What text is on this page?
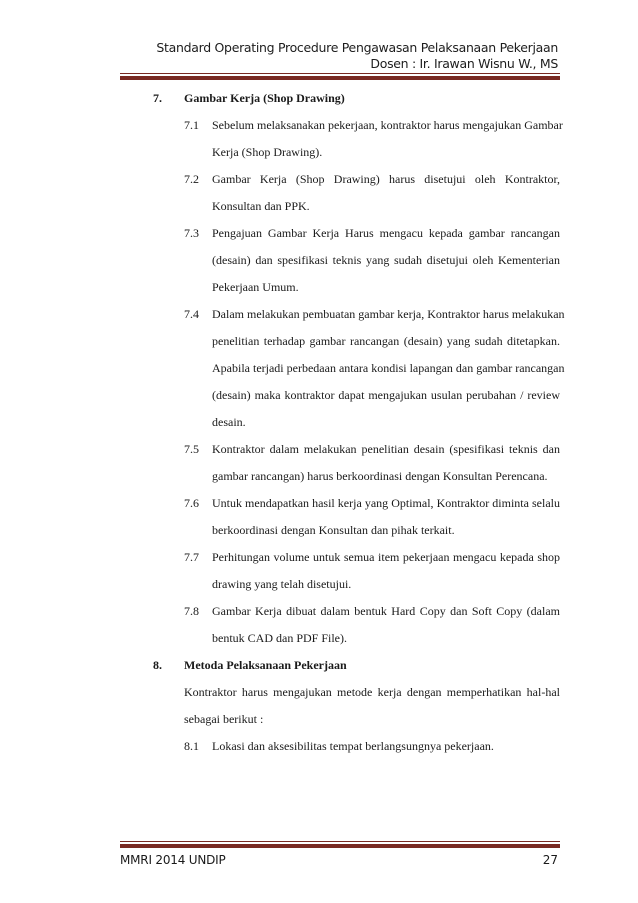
Standard Operating Procedure Pengawasan Pelaksanaan Pekerjaan
Dosen : Ir. Irawan Wisnu W., MS
7. Gambar Kerja (Shop Drawing)
7.1 Sebelum melaksanakan pekerjaan, kontraktor harus mengajukan Gambar
Kerja (Shop Drawing).
7.2 Gambar Kerja (Shop Drawing) harus disetujui oleh Kontraktor,
Konsultan dan PPK.
7.3 Pengajuan Gambar Kerja Harus mengacu kepada gambar rancangan
(desain) dan spesifikasi teknis yang sudah disetujui oleh Kementerian
Pekerjaan Umum.
7.4 Dalam melakukan pembuatan gambar kerja, Kontraktor harus melakukan
penelitian terhadap gambar rancangan (desain) yang sudah ditetapkan.
Apabila terjadi perbedaan antara kondisi lapangan dan gambar rancangan
(desain) maka kontraktor dapat mengajukan usulan perubahan / review
desain.
7.5 Kontraktor dalam melakukan penelitian desain (spesifikasi teknis dan
gambar rancangan) harus berkoordinasi dengan Konsultan Perencana.
7.6 Untuk mendapatkan hasil kerja yang Optimal, Kontraktor diminta selalu
berkoordinasi dengan Konsultan dan pihak terkait.
7.7 Perhitungan volume untuk semua item pekerjaan mengacu kepada shop
drawing yang telah disetujui.
7.8 Gambar Kerja dibuat dalam bentuk Hard Copy dan Soft Copy (dalam
bentuk CAD dan PDF File).
8. Metoda Pelaksanaan Pekerjaan
Kontraktor harus mengajukan metode kerja dengan memperhatikan hal-hal
sebagai berikut :
8.1 Lokasi dan aksesibilitas tempat berlangsungnya pekerjaan.
MMRI 2014 UNDIP	27
